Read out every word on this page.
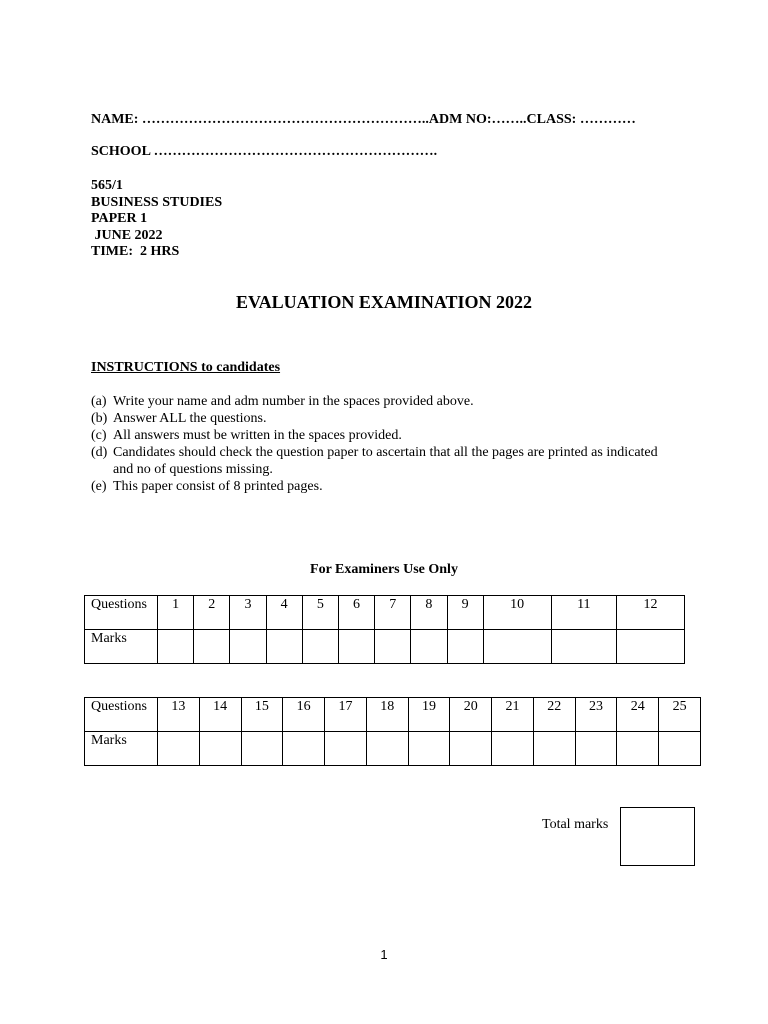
NAME: ……………………………………………………..ADM NO:……..CLASS: …………
SCHOOL …………………………………………………….
565/1
BUSINESS STUDIES
PAPER 1
JUNE 2022
TIME:  2 HRS
EVALUATION EXAMINATION 2022
INSTRUCTIONS to candidates
(a) Write your name and adm number in the spaces provided above.
(b) Answer ALL the questions.
(c) All answers must be written in the spaces provided.
(d) Candidates should check the question paper to ascertain that all the pages are printed as indicated and no of questions missing.
(e) This paper consist of 8 printed pages.
For Examiners Use Only
Questions	1	2	3	4	5	6	7	8	9	10	11	12
Marks												
Questions	13	14	15	16	17	18	19	20	21	22	23	24	25
Marks													
Total marks
1
